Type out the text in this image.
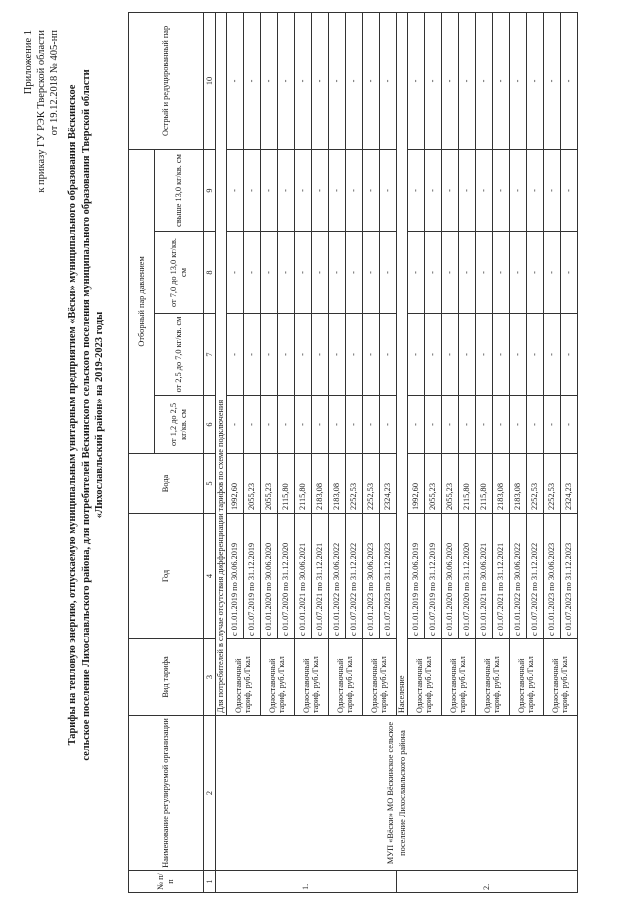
Приложение 1 к приказу ГУ РЭК Тверской области от 19.12.2018 № 405-нп
Тарифы на тепловую энергию, отпускаемую муниципальным унитарным предприятием «Вёски» муниципального образования Вёскинское сельское поселение Лихославльского района, для потребителей Вёскинского сельского поселения муниципального образования Тверской области «Лихославльский район» на 2019-2023 годы
№ п/п	Наименование регулируемой организации	Вид тарифа	Год	Вода	Отборный пар давлением				Острый и редуцированный пар
					от 1,2 до 2,5 кг/кв. см	от 2,5 до 7,0 кг/кв. см	от 7,0 до 13,0 кг/кв. см	свыше 13,0 кг/кв. см	
1	2	3	4	5	6	7	8	9	10
1.	МУП «Вёски» МО Вёскинское сельское поселение Лихославльского района	Для потребителей в случае отсутствия дифференциации тарифов по схеме подключения							
		Одноставочный тариф, руб./Гкал	с 01.01.2019 по 30.06.2019	1992,60	-	-	-	-	-
			с 01.07.2019 по 31.12.2019	2055,23	-	-	-	-	-
		Одноставочный тариф, руб./Гкал	с 01.01.2020 по 30.06.2020	2055,23	-	-	-	-	-
			с 01.07.2020 по 31.12.2020	2115,80	-	-	-	-	-
		Одноставочный тариф, руб./Гкал	с 01.01.2021 по 30.06.2021	2115,80	-	-	-	-	-
			с 01.07.2021 по 31.12.2021	2183,08	-	-	-	-	-
		Одноставочный тариф, руб./Гкал	с 01.01.2022 по 30.06.2022	2183,08	-	-	-	-	-
			с 01.07.2022 по 31.12.2022	2252,53	-	-	-	-	-
		Одноставочный тариф, руб./Гкал	с 01.01.2023 по 30.06.2023	2252,53	-	-	-	-	-
			с 01.07.2023 по 31.12.2023	2324,23	-	-	-	-	-
2.		Население							
		Одноставочный тариф, руб./Гкал	с 01.01.2019 по 30.06.2019	1992,60	-	-	-	-	-
			с 01.07.2019 по 31.12.2019	2055,23	-	-	-	-	-
		Одноставочный тариф, руб./Гкал	с 01.01.2020 по 30.06.2020	2055,23	-	-	-	-	-
			с 01.07.2020 по 31.12.2020	2115,80	-	-	-	-	-
		Одноставочный тариф, руб./Гкал	с 01.01.2021 по 30.06.2021	2115,80	-	-	-	-	-
			с 01.07.2021 по 31.12.2021	2183,08	-	-	-	-	-
		Одноставочный тариф, руб./Гкал	с 01.01.2022 по 30.06.2022	2183,08	-	-	-	-	-
			с 01.07.2022 по 31.12.2022	2252,53	-	-	-	-	-
		Одноставочный тариф, руб./Гкал	с 01.01.2023 по 30.06.2023	2252,53	-	-	-	-	-
			с 01.07.2023 по 31.12.2023	2324,23	-	-	-	-	-
